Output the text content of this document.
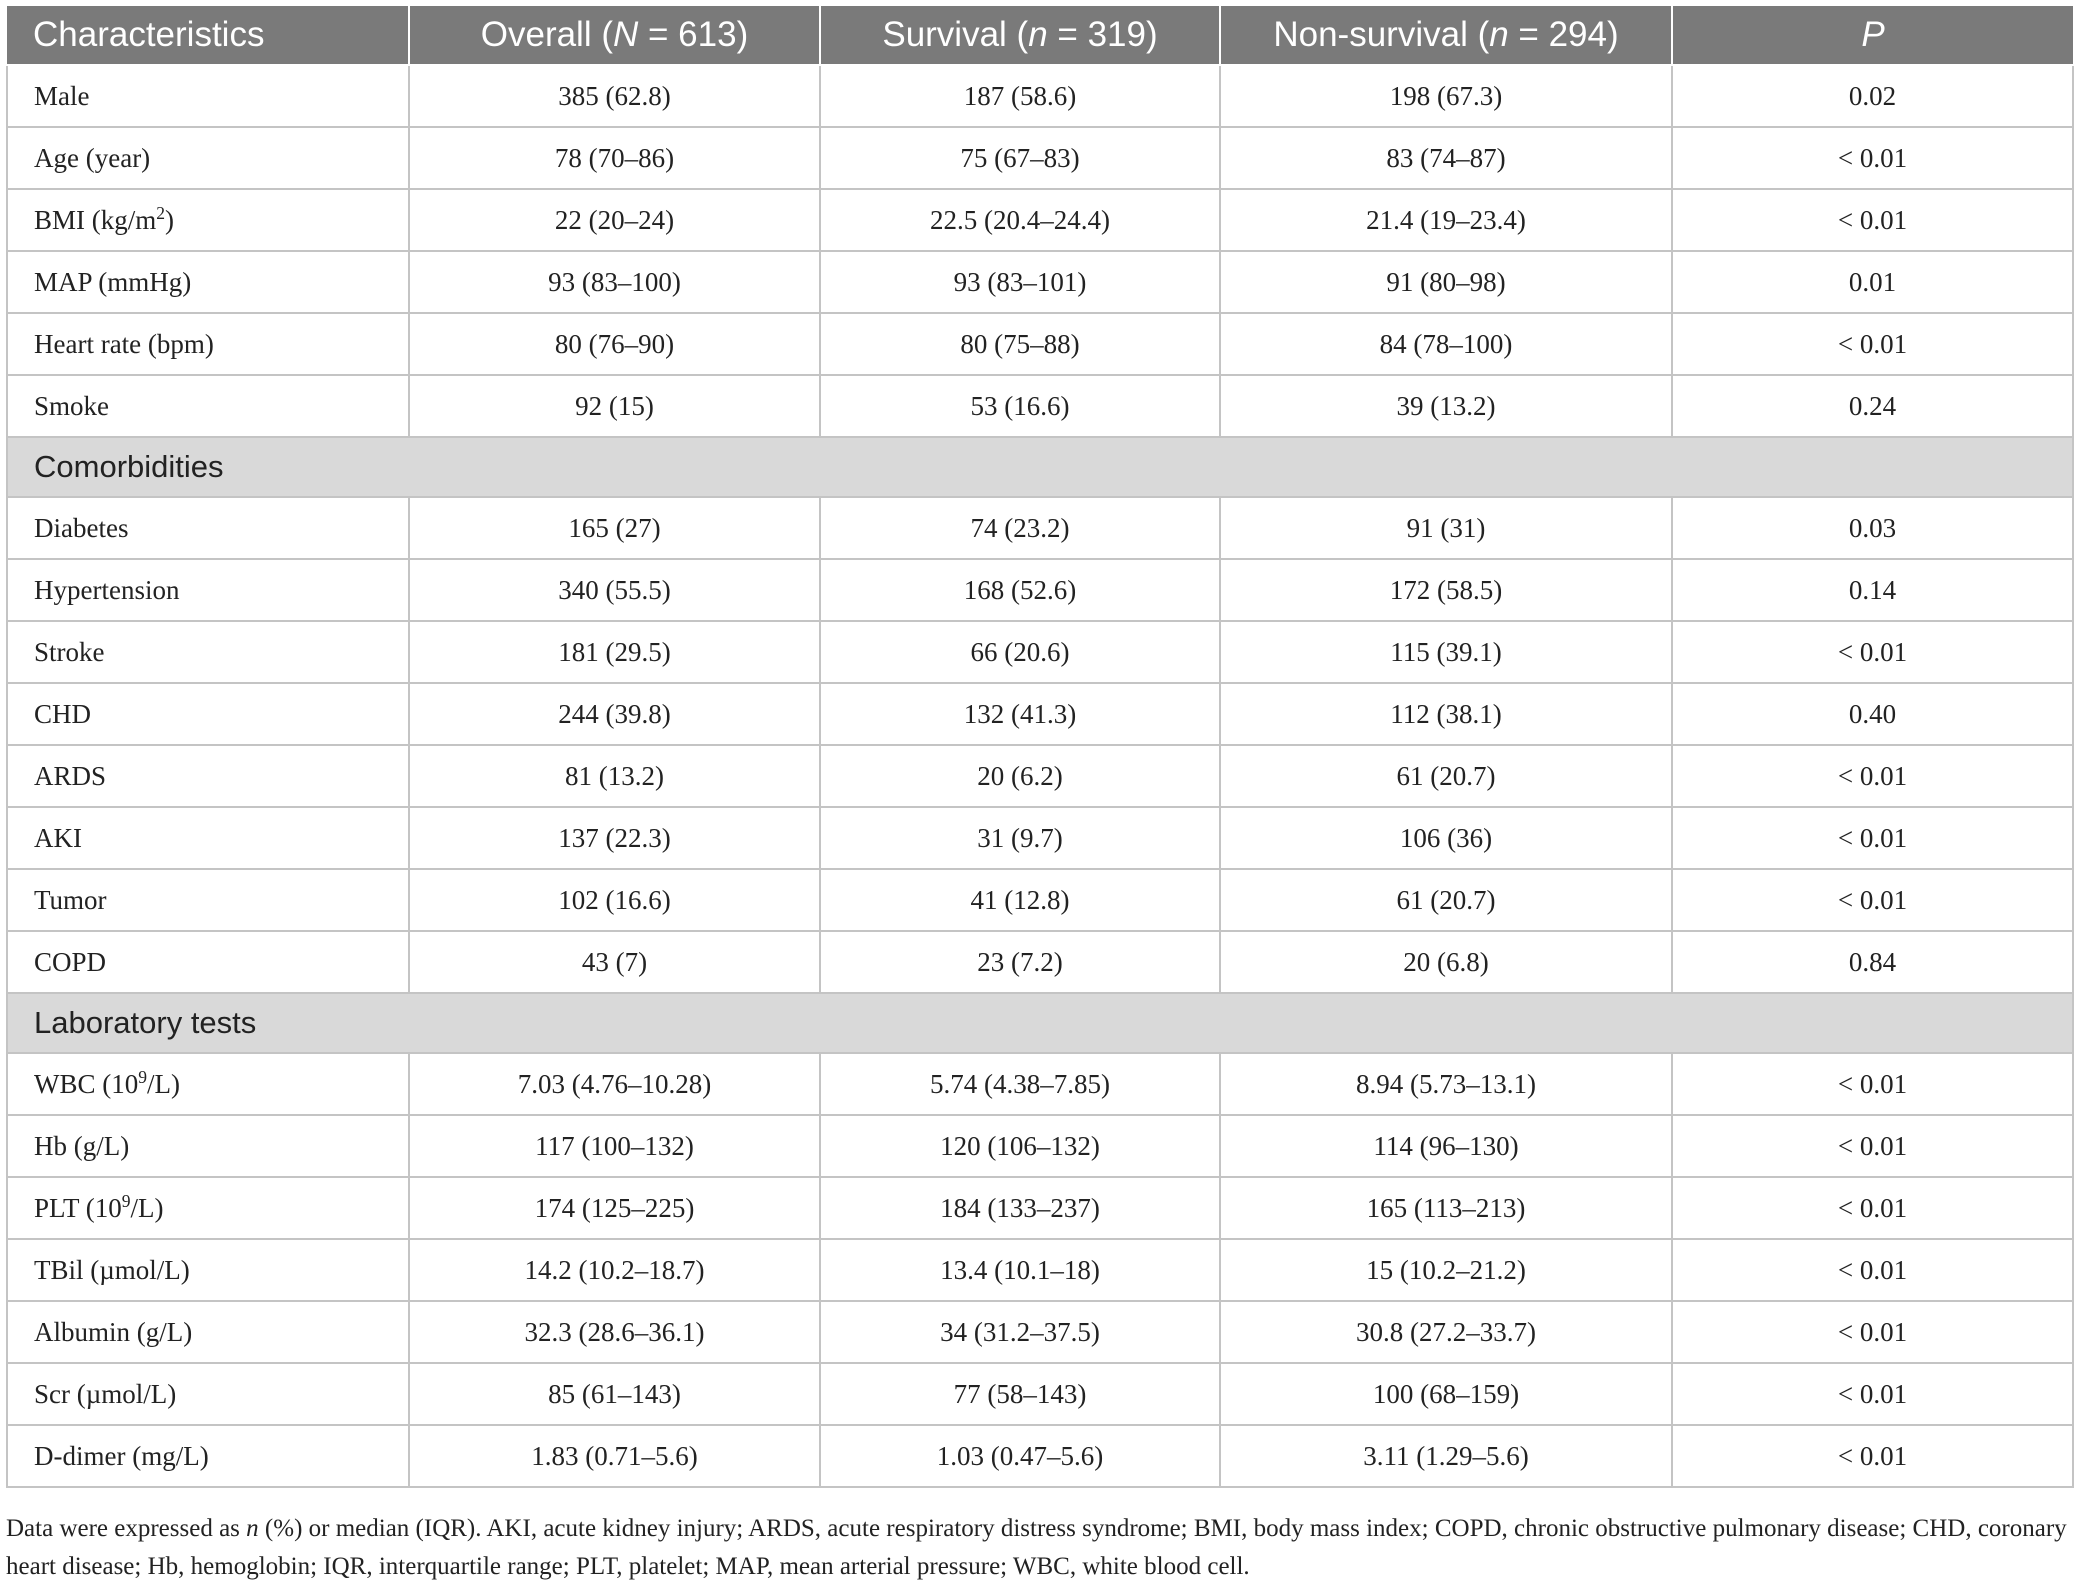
Characteristics	Overall (N = 613)	Survival (n = 319)	Non-survival (n = 294)	P
Male	385 (62.8)	187 (58.6)	198 (67.3)	0.02
Age (year)	78 (70–86)	75 (67–83)	83 (74–87)	< 0.01
BMI $(kg/m^2)$	22 (20–24)	22.5 (20.4–24.4)	21.4 (19–23.4)	< 0.01
MAP (mmHg)	93 (83–100)	93 (83–101)	91 (80–98)	0.01
Heart rate (bpm)	80 (76–90)	80 (75–88)	84 (78–100)	< 0.01
Smoke	92 (15)	53 (16.6)	39 (13.2)	0.24
Comorbidities				
Diabetes	165 (27)	74 (23.2)	91 (31)	0.03
Hypertension	340 (55.5)	168 (52.6)	172 (58.5)	0.14
Stroke	181 (29.5)	66 (20.6)	115 (39.1)	< 0.01
CHD	244 (39.8)	132 (41.3)	112 (38.1)	0.40
ARDS	81 (13.2)	20 (6.2)	61 (20.7)	< 0.01
AKI	137 (22.3)	31 (9.7)	106 (36)	< 0.01
Tumor	102 (16.6)	41 (12.8)	61 (20.7)	< 0.01
COPD	43 (7)	23 (7.2)	20 (6.8)	0.84
Laboratory tests				
WBC $(10^9/L)$	7.03 (4.76–10.28)	5.74 (4.38–7.85)	8.94 (5.73–13.1)	< 0.01
Hb (g/L)	117 (100–132)	120 (106–132)	114 (96–130)	< 0.01
PLT $(10^9/L)$	174 (125–225)	184 (133–237)	165 (113–213)	< 0.01
TBil (µmol/L)	14.2 (10.2–18.7)	13.4 (10.1–18)	15 (10.2–21.2)	< 0.01
Albumin (g/L)	32.3 (28.6–36.1)	34 (31.2–37.5)	30.8 (27.2–33.7)	< 0.01
Scr (µmol/L)	85 (61–143)	77 (58–143)	100 (68–159)	< 0.01
D-dimer (mg/L)	1.83 (0.71–5.6)	1.03 (0.47–5.6)	3.11 (1.29–5.6)	< 0.01
Data were expressed as n (%) or median (IQR). AKI, acute kidney injury; ARDS, acute respiratory distress syndrome; BMI, body mass index; COPD, chronic obstructive pulmonary disease; CHD, coronary heart disease; Hb, hemoglobin; IQR, interquartile range; PLT, platelet; MAP, mean arterial pressure; WBC, white blood cell.
